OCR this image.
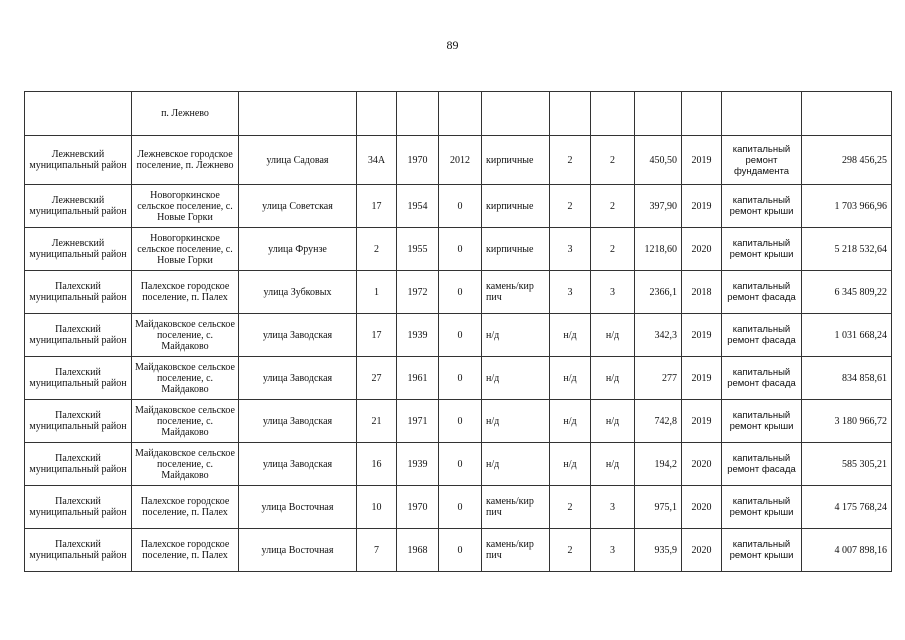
89
	п. Лежнево											
Лежневский муниципальный район	Лежневское городское поселение, п. Лежнево	улица Садовая	34А	1970	2012	кирпичные	2	2	450,50	2019	капитальный ремонт фундамента	298 456,25
Лежневский муниципальный район	Новогоркинское сельское поселение, с. Новые Горки	улица Советская	17	1954	0	кирпичные	2	2	397,90	2019	капитальный ремонт крыши	1 703 966,96
Лежневский муниципальный район	Новогоркинское сельское поселение, с. Новые Горки	улица Фрунзе	2	1955	0	кирпичные	3	2	1218,60	2020	капитальный ремонт крыши	5 218 532,64
Палехский муниципальный район	Палехское городское поселение, п. Палех	улица Зубковых	1	1972	0	камень/кир пич	3	3	2366,1	2018	капитальный ремонт фасада	6 345 809,22
Палехский муниципальный район	Майдаковское сельское поселение, с. Майдаково	улица Заводская	17	1939	0	н/д	н/д	н/д	342,3	2019	капитальный ремонт фасада	1 031 668,24
Палехский муниципальный район	Майдаковское сельское поселение, с. Майдаково	улица Заводская	27	1961	0	н/д	н/д	н/д	277	2019	капитальный ремонт фасада	834 858,61
Палехский муниципальный район	Майдаковское сельское поселение, с. Майдаково	улица Заводская	21	1971	0	н/д	н/д	н/д	742,8	2019	капитальный ремонт крыши	3 180 966,72
Палехский муниципальный район	Майдаковское сельское поселение, с. Майдаково	улица Заводская	16	1939	0	н/д	н/д	н/д	194,2	2020	капитальный ремонт фасада	585 305,21
Палехский муниципальный район	Палехское городское поселение, п. Палех	улица Восточная	10	1970	0	камень/кир пич	2	3	975,1	2020	капитальный ремонт крыши	4 175 768,24
Палехский муниципальный район	Палехское городское поселение, п. Палех	улица Восточная	7	1968	0	камень/кир пич	2	3	935,9	2020	капитальный ремонт крыши	4 007 898,16
